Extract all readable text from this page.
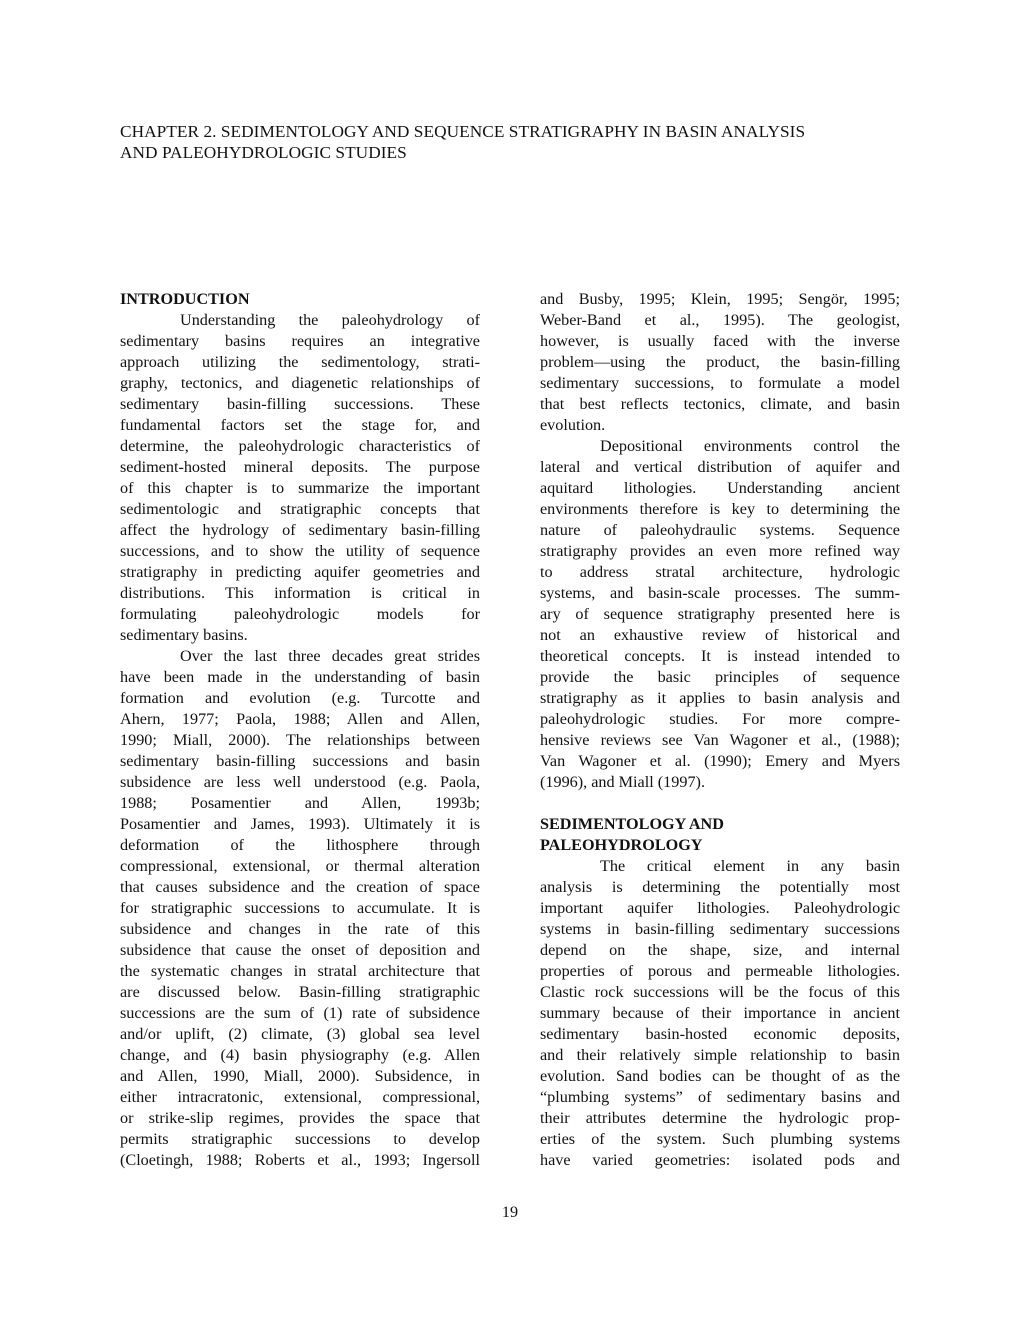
CHAPTER 2. SEDIMENTOLOGY AND SEQUENCE STRATIGRAPHY IN BASIN ANALYSIS
AND PALEOHYDROLOGIC STUDIES
INTRODUCTION
Understanding the paleohydrology of
sedimentary basins requires an integrative
approach utilizing the sedimentology, strati-
graphy, tectonics, and diagenetic relationships of
sedimentary basin-filling successions. These
fundamental factors set the stage for, and
determine, the paleohydrologic characteristics of
sediment-hosted mineral deposits. The purpose
of this chapter is to summarize the important
sedimentologic and stratigraphic concepts that
affect the hydrology of sedimentary basin-filling
successions, and to show the utility of sequence
stratigraphy in predicting aquifer geometries and
distributions. This information is critical in
formulating paleohydrologic models for
sedimentary basins.
Over the last three decades great strides
have been made in the understanding of basin
formation and evolution (e.g. Turcotte and
Ahern, 1977; Paola, 1988; Allen and Allen,
1990; Miall, 2000). The relationships between
sedimentary basin-filling successions and basin
subsidence are less well understood (e.g. Paola,
1988; Posamentier and Allen, 1993b;
Posamentier and James, 1993). Ultimately it is
deformation of the lithosphere through
compressional, extensional, or thermal alteration
that causes subsidence and the creation of space
for stratigraphic successions to accumulate. It is
subsidence and changes in the rate of this
subsidence that cause the onset of deposition and
the systematic changes in stratal architecture that
are discussed below. Basin-filling stratigraphic
successions are the sum of (1) rate of subsidence
and/or uplift, (2) climate, (3) global sea level
change, and (4) basin physiography (e.g. Allen
and Allen, 1990, Miall, 2000). Subsidence, in
either intracratonic, extensional, compressional,
or strike-slip regimes, provides the space that
permits stratigraphic successions to develop
(Cloetingh, 1988; Roberts et al., 1993; Ingersoll
and Busby, 1995; Klein, 1995; Sengör, 1995;
Weber-Band et al., 1995). The geologist,
however, is usually faced with the inverse
problem—using the product, the basin-filling
sedimentary successions, to formulate a model
that best reflects tectonics, climate, and basin
evolution.
Depositional environments control the
lateral and vertical distribution of aquifer and
aquitard lithologies. Understanding ancient
environments therefore is key to determining the
nature of paleohydraulic systems. Sequence
stratigraphy provides an even more refined way
to address stratal architecture, hydrologic
systems, and basin-scale processes. The summ-
ary of sequence stratigraphy presented here is
not an exhaustive review of historical and
theoretical concepts. It is instead intended to
provide the basic principles of sequence
stratigraphy as it applies to basin analysis and
paleohydrologic studies. For more compre-
hensive reviews see Van Wagoner et al., (1988);
Van Wagoner et al. (1990); Emery and Myers
(1996), and Miall (1997).
SEDIMENTOLOGY AND
PALEOHYDROLOGY
The critical element in any basin
analysis is determining the potentially most
important aquifer lithologies. Paleohydrologic
systems in basin-filling sedimentary successions
depend on the shape, size, and internal
properties of porous and permeable lithologies.
Clastic rock successions will be the focus of this
summary because of their importance in ancient
sedimentary basin-hosted economic deposits,
and their relatively simple relationship to basin
evolution. Sand bodies can be thought of as the
“plumbing systems” of sedimentary basins and
their attributes determine the hydrologic prop-
erties of the system. Such plumbing systems
have varied geometries: isolated pods and
19
